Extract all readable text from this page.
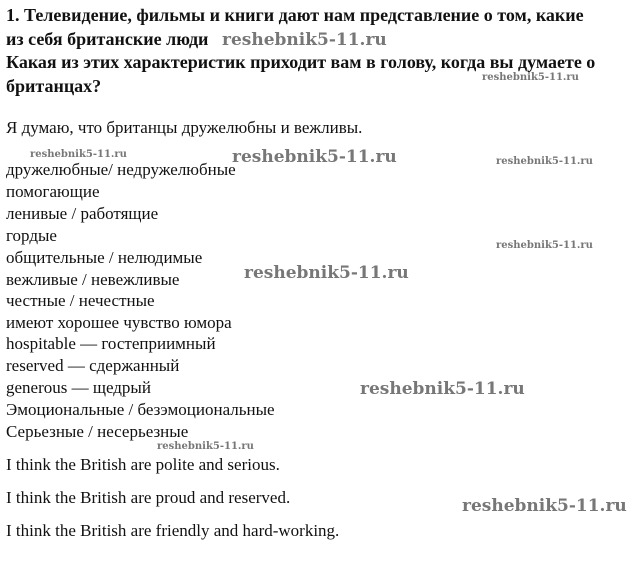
1. Телевидение, фильмы и книги дают нам представление о том, какие
из себя британские люди
Какая из этих характеристик приходит вам в голову, когда вы думаете о
британцах?
Я думаю, что британцы дружелюбны и вежливы.
дружелюбные/ недружелюбные
помогающие
ленивые / работящие
гордые
общительные / нелюдимые
вежливые / невежливые
честные / нечестные
имеют хорошее чувство юмора
hospitable — гостеприимный
reserved — сдержанный
generous — щедрый
Эмоциональные / безэмоциональные
Серьезные / несерьезные
I think the British are polite and serious.
I think the British are proud and reserved.
I think the British are friendly and hard-working.
reshebnik5-11.ru
reshebnik5-11.ru
reshebnik5-11.ru	reshebnik5-11.ru	reshebnik5-11.ru
reshebnik5-11.ru
reshebnik5-11.ru
reshebnik5-11.ru
reshebnik5-11.ru
reshebnik5-11.ru
